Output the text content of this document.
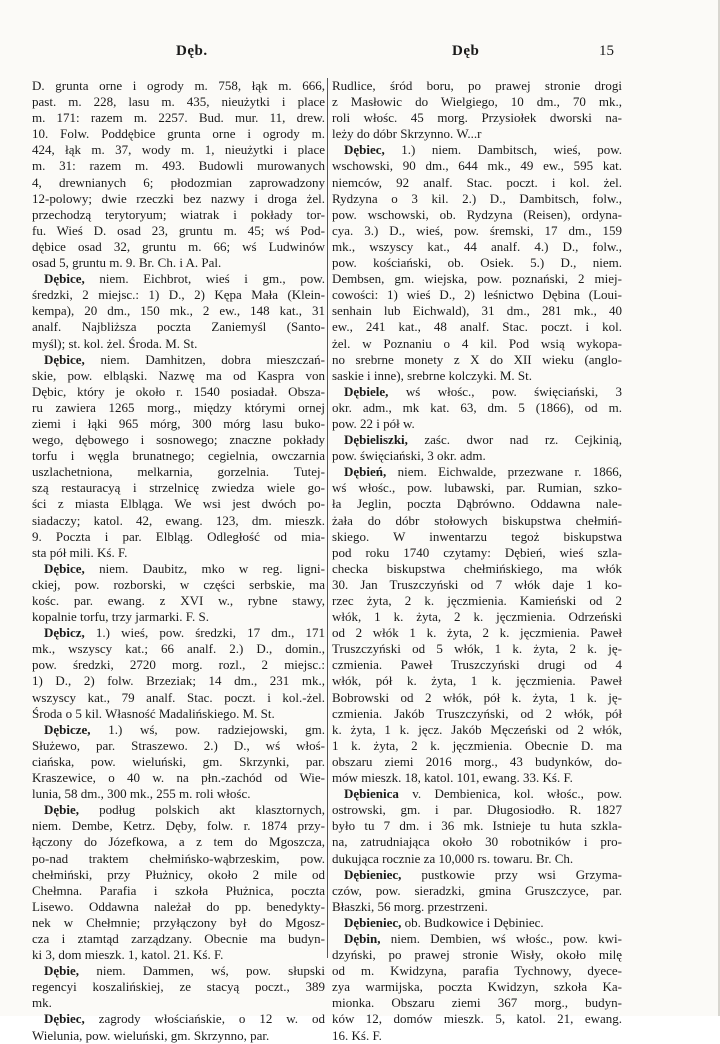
Dęb.	Dęb	15
D. grunta orne i ogrody m. 758, łąk m. 666,
past. m. 228, lasu m. 435, nieużytki i place
m. 171: razem m. 2257. Bud. mur. 11, drew.
10. Folw. Poddębice grunta orne i ogrody m.
424, łąk m. 37, wody m. 1, nieużytki i place
m. 31: razem m. 493. Budowli murowanych
4, drewnianych 6; płodozmian zaprowadzony
12-polowy; dwie rzeczki bez nazwy i droga żel.
przechodzą terytoryum; wiatrak i pokłady tor-
fu. Wieś D. osad 23, gruntu m. 45; wś Pod-
dębice osad 32, gruntu m. 66; wś Ludwinów
osad 5, gruntu m. 9. Br. Ch. i A. Pal.
Dębice, niem. Eichbrot, wieś i gm., pow.
średzki, 2 miejsc.: 1) D., 2) Kępa Mała (Klein-
kempa), 20 dm., 150 mk., 2 ew., 148 kat., 31
analf. Najbliższa poczta Zaniemyśl (Santo-
myśl); st. kol. żel. Środa. M. St.
Dębice, niem. Damhitzen, dobra mieszczań-
skie, pow. elbląski. Nazwę ma od Kaspra von
Dębic, który je około r. 1540 posiadał. Obsza-
ru zawiera 1265 morg., między którymi ornej
ziemi i łąki 965 mórg, 300 mórg lasu buko-
wego, dębowego i sosnowego; znaczne pokłady
torfu i węgla brunatnego; cegielnia, owczarnia
uszlachetniona, melkarnia, gorzelnia. Tutej-
szą restauracyą i strzelnicę zwiedza wiele go-
ści z miasta Elbląga. We wsi jest dwóch po-
siadaczy; katol. 42, ewang. 123, dm. mieszk.
9. Poczta i par. Elbląg. Odległość od mia-
sta pół mili. Kś. F.
Dębice, niem. Daubitz, mko w reg. ligni-
ckiej, pow. rozborski, w części serbskie, ma
kośc. par. ewang. z XVI w., rybne stawy,
kopalnie torfu, trzy jarmarki. F. S.
Dębicz, 1.) wieś, pow. średzki, 17 dm., 171
mk., wszyscy kat.; 66 analf. 2.) D., domin.,
pow. średzki, 2720 morg. rozl., 2 miejsc.:
1) D., 2) folw. Brzeziak; 14 dm., 231 mk.,
wszyscy kat., 79 analf. Stac. poczt. i kol.-żel.
Środa o 5 kil. Własność Madalińskiego. M. St.
Dębicze, 1.) wś, pow. radziejowski, gm.
Służewo, par. Straszewo. 2.) D., wś włoś-
ciańska, pow. wieluński, gm. Skrzynki, par.
Kraszewice, o 40 w. na płn.-zachód od Wie-
lunia, 58 dm., 300 mk., 255 m. roli włośc.
Dębie, podług polskich akt klasztornych,
niem. Dembe, Ketrz. Dęby, folw. r. 1874 przy-
łączony do Józefkowa, a z tem do Mgoszcza,
po-nad traktem chełmińsko-wąbrzeskim, pow.
chełmiński, przy Płużnicy, około 2 mile od
Chełmna. Parafia i szkoła Płużnica, poczta
Lisewo. Oddawna należał do pp. benedykty-
nek w Chełmnie; przyłączony był do Mgosz-
cza i ztamtąd zarządzany. Obecnie ma budyn-
ki 3, dom mieszk. 1, katol. 21. Kś. F.
Dębie, niem. Dammen, wś, pow. słupski
regencyi koszalińskiej, ze stacyą poczt., 389
mk.
Dębiec, zagrody włościańskie, o 12 w. od
Wielunia, pow. wieluński, gm. Skrzynno, par.
Rudlice, śród boru, po prawej stronie drogi
z Masłowic do Wielgiego, 10 dm., 70 mk.,
roli włośc. 45 morg. Przysiołek dworski na-
leży do dóbr Skrzynno. W...r
Dębiec, 1.) niem. Dambitsch, wieś, pow.
wschowski, 90 dm., 644 mk., 49 ew., 595 kat.
niemców, 92 analf. Stac. poczt. i kol. żel.
Rydzyna o 3 kil. 2.) D., Dambitsch, folw.,
pow. wschowski, ob. Rydzyna (Reisen), ordyna-
cya. 3.) D., wieś, pow. śremski, 17 dm., 159
mk., wszyscy kat., 44 analf. 4.) D., folw.,
pow. kościański, ob. Osiek. 5.) D., niem.
Dembsen, gm. wiejska, pow. poznański, 2 miej-
cowości: 1) wieś D., 2) leśnictwo Dębina (Loui-
senhain lub Eichwald), 31 dm., 281 mk., 40
ew., 241 kat., 48 analf. Stac. poczt. i kol.
żel. w Poznaniu o 4 kil. Pod wsią wykopa-
no srebrne monety z X do XII wieku (anglo-
saskie i inne), srebrne kolczyki. M. St.
Dębiele, wś włośc., pow. święciański, 3
okr. adm., mk kat. 63, dm. 5 (1866), od m.
pow. 22 i pół w.
Dębieliszki, zaśc. dwor nad rz. Cejkinią,
pow. święciański, 3 okr. adm.
Dębień, niem. Eichwalde, przezwane r. 1866,
wś włośc., pow. lubawski, par. Rumian, szko-
ła Jeglin, poczta Dąbrówno. Oddawna nale-
żała do dóbr stołowych biskupstwa chełmiń-
skiego. W inwentarzu tegoż biskupstwa
pod roku 1740 czytamy: Dębień, wieś szla-
checka biskupstwa chełmińskiego, ma włók
30. Jan Truszczyński od 7 włók daje 1 ko-
rzec żyta, 2 k. jęczmienia. Kamieński od 2
włók, 1 k. żyta, 2 k. jęczmienia. Odrzeński
od 2 włók 1 k. żyta, 2 k. jęczmienia. Paweł
Truszczyński od 5 włók, 1 k. żyta, 2 k. ję-
czmienia. Paweł Truszczyński drugi od 4
włók, pół k. żyta, 1 k. jęczmienia. Paweł
Bobrowski od 2 włók, pół k. żyta, 1 k. ję-
czmienia. Jakób Truszczyński, od 2 włók, pół
k. żyta, 1 k. jęcz. Jakób Męczeński od 2 włók,
1 k. żyta, 2 k. jęczmienia. Obecnie D. ma
obszaru ziemi 2016 morg., 43 budynków, do-
mów mieszk. 18, katol. 101, ewang. 33. Kś. F.
Dębienica v. Dembienica, kol. włośc., pow.
ostrowski, gm. i par. Długosiodło. R. 1827
było tu 7 dm. i 36 mk. Istnieje tu huta szkla-
na, zatrudniająca około 30 robotników i pro-
dukująca rocznie za 10,000 rs. towaru. Br. Ch.
Dębieniec, pustkowie przy wsi Grzyma-
czów, pow. sieradzki, gmina Gruszczyce, par.
Błaszki, 56 morg. przestrzeni.
Dębieniec, ob. Budkowice i Dębiniec.
Dębin, niem. Dembien, wś włośc., pow. kwi-
dzyński, po prawej stronie Wisły, około milę
od m. Kwidzyna, parafia Tychnowy, dyece-
zya warmijska, poczta Kwidzyn, szkoła Ka-
mionka. Obszaru ziemi 367 morg., budyn-
ków 12, domów mieszk. 5, katol. 21, ewang.
16. Kś. F.
